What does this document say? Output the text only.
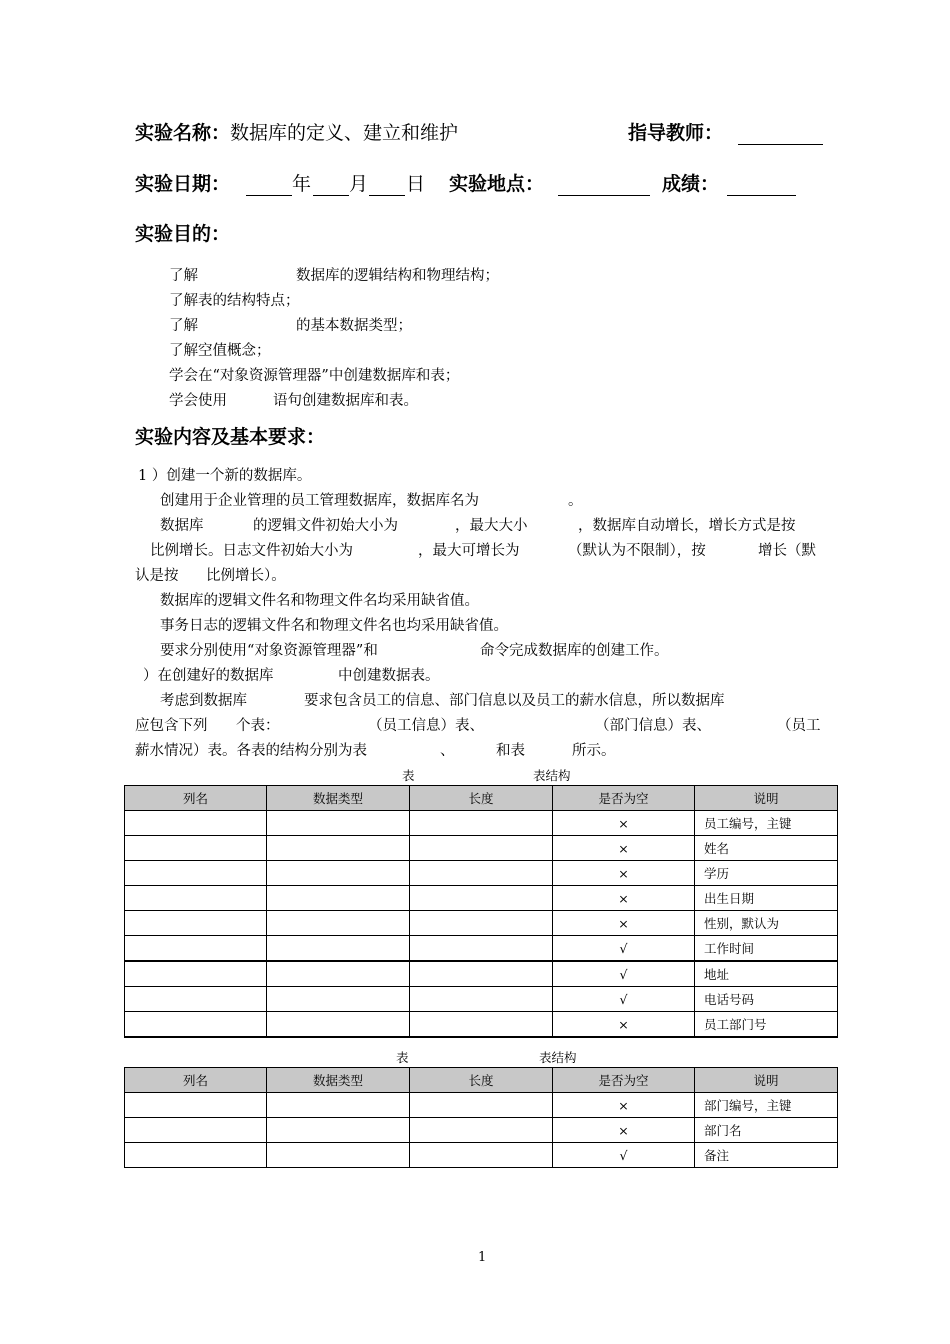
实验名称： 数据库的定义、建立和维护	指导教师：
实验日期：	年 月 日 实验地点：	成绩：
实验目的：
了解	数据库的逻辑结构和物理结构；
了解表的结构特点；
了解	的基本数据类型；
了解空值概念；
学会在“对象资源管理器”中创建数据库和表；
学会使用	语句创建数据库和表。
实验内容及基本要求：
1 ）创建一个新的数据库。
创建用于企业管理的员工管理数据库，数据库名为	。
数据库	的逻辑文件初始大小为	，最大大小	，数据库自动增长，增长方式是按
比例增长。日志文件初始大小为	，最大可增长为	（默认为不限制），按	增长（默
认是按 比例增长）。
数据库的逻辑文件名和物理文件名均采用缺省值。
事务日志的逻辑文件名和物理文件名也均采用缺省值。
要求分别使用“对象资源管理器”和	命令完成数据库的创建工作。
）在创建好的数据库	中创建数据表。
考虑到数据库	要求包含员工的信息、部门信息以及员工的薪水信息，所以数据库
应包含下列 个表：	（员工信息）表、	（部门信息）表、	（员工
薪水情况）表。各表的结构分别为表	、	和表	所示。
表	表结构
列名	数据类型	长度	是否为空	说明
			×	员工编号，主键
			×	姓名
			×	学历
			×	出生日期
			×	性别，默认为
			√	工作时间
			√	地址
			√	电话号码
			×	员工部门号
表	表结构
列名	数据类型	长度	是否为空	说明
			×	部门编号，主键
			×	部门名
			√	备注
1
